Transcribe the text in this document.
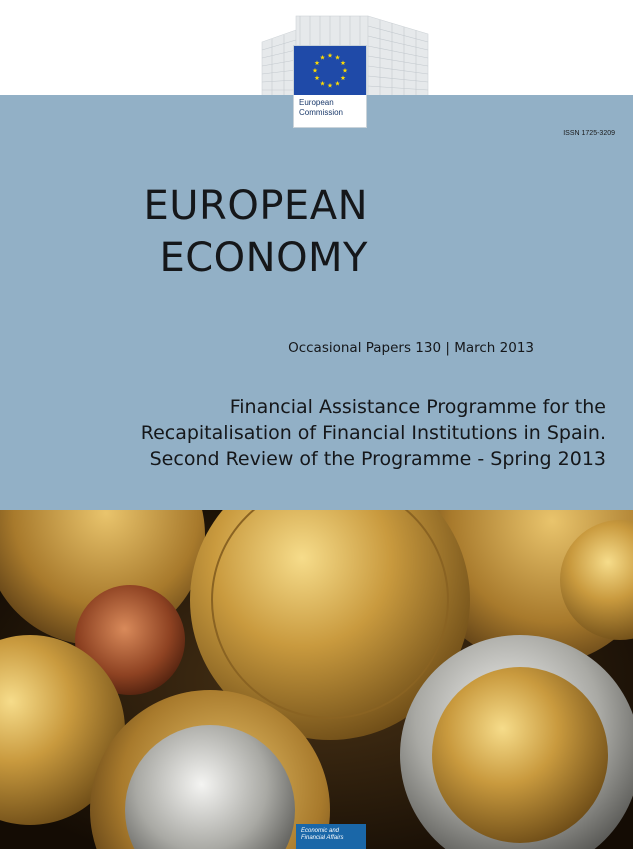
European
Commission
ISSN 1725-3209
EUROPEAN
ECONOMY
Occasional Papers 130 | March 2013
Financial Assistance Programme for the
Recapitalisation of Financial Institutions in Spain.
Second Review of the Programme - Spring 2013
Economic and
Financial Affairs
